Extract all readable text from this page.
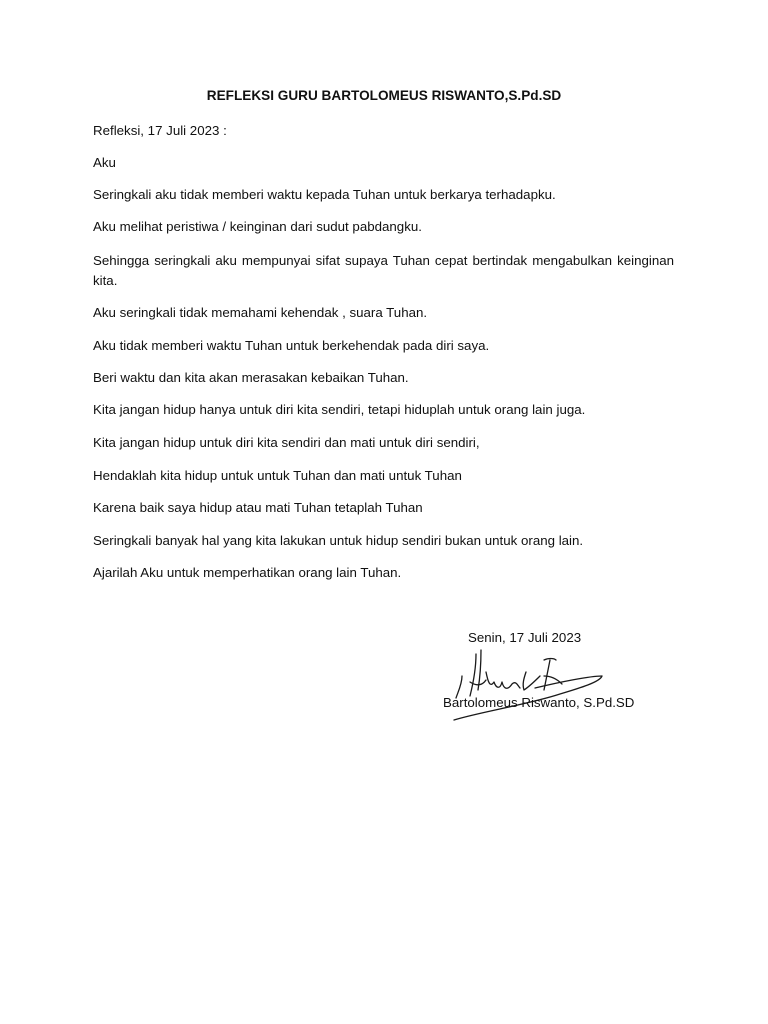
REFLEKSI GURU BARTOLOMEUS RISWANTO,S.Pd.SD

Refleksi, 17 Juli 2023 :

Aku

Seringkali aku tidak memberi waktu kepada Tuhan untuk berkarya terhadapku.

Aku melihat peristiwa / keinginan dari sudut pabdangku.

Sehingga seringkali aku mempunyai sifat supaya Tuhan cepat bertindak mengabulkan keinginan kita.

Aku seringkali tidak memahami kehendak , suara Tuhan.

Aku tidak memberi waktu Tuhan untuk berkehendak pada diri saya.

Beri waktu dan kita akan merasakan kebaikan Tuhan.

Kita jangan hidup hanya untuk diri kita sendiri, tetapi hiduplah untuk orang lain juga.

Kita jangan hidup untuk diri kita sendiri dan mati untuk diri sendiri,

Hendaklah kita hidup untuk untuk Tuhan dan mati untuk Tuhan

Karena baik saya hidup atau mati Tuhan tetaplah Tuhan

Seringkali banyak hal yang kita lakukan untuk hidup sendiri bukan untuk orang lain.

Ajarilah Aku untuk memperhatikan orang lain Tuhan.

Senin, 17 Juli 2023
Bartolomeus Riswanto, S.Pd.SD
